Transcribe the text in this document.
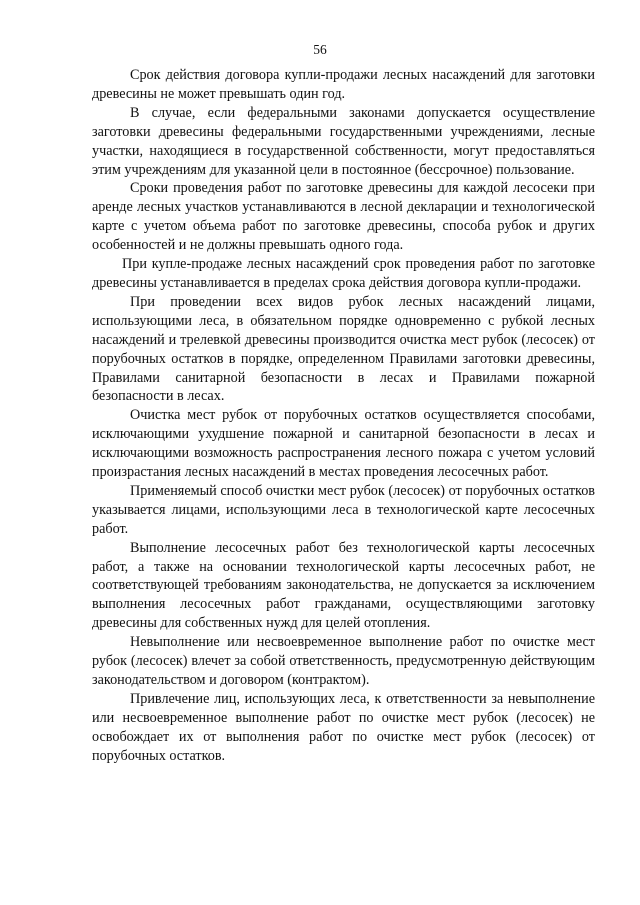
56

Срок действия договора купли-продажи лесных насаждений для заготовки древесины не может превышать один год.

В случае, если федеральными законами допускается осуществление заготовки древесины федеральными государственными учреждениями, лесные участки, находящиеся в государственной собственности, могут предоставляться этим учреждениям для указанной цели в постоянное (бессрочное) пользование.

Сроки проведения работ по заготовке древесины для каждой лесосеки при аренде лесных участков устанавливаются в лесной декларации и технологической карте с учетом объема работ по заготовке древесины, способа рубок и других особенностей и не должны превышать одного года.

При купле-продаже лесных насаждений срок проведения работ по заготовке древесины устанавливается в пределах срока действия договора купли-продажи.

При проведении всех видов рубок лесных насаждений лицами, использующими леса, в обязательном порядке одновременно с рубкой лесных насаждений и трелевкой древесины производится очистка мест рубок (лесосек) от порубочных остатков в порядке, определенном Правилами заготовки древесины, Правилами санитарной безопасности в лесах и Правилами пожарной безопасности в лесах.

Очистка мест рубок от порубочных остатков осуществляется способами, исключающими ухудшение пожарной и санитарной безопасности в лесах и исключающими возможность распространения лесного пожара с учетом условий произрастания лесных насаждений в местах проведения лесосечных работ.

Применяемый способ очистки мест рубок (лесосек) от порубочных остатков указывается лицами, использующими леса в технологической карте лесосечных работ.

Выполнение лесосечных работ без технологической карты лесосечных работ, а также на основании технологической карты лесосечных работ, не соответствующей требованиям законодательства, не допускается за исключением выполнения лесосечных работ гражданами, осуществляющими заготовку древесины для собственных нужд для целей отопления.

Невыполнение или несвоевременное выполнение работ по очистке мест рубок (лесосек) влечет за собой ответственность, предусмотренную действующим законодательством и договором (контрактом).

Привлечение лиц, использующих леса, к ответственности за невыполнение или несвоевременное выполнение работ по очистке мест рубок (лесосек) не освобождает их от выполнения работ по очистке мест рубок (лесосек) от порубочных остатков.
